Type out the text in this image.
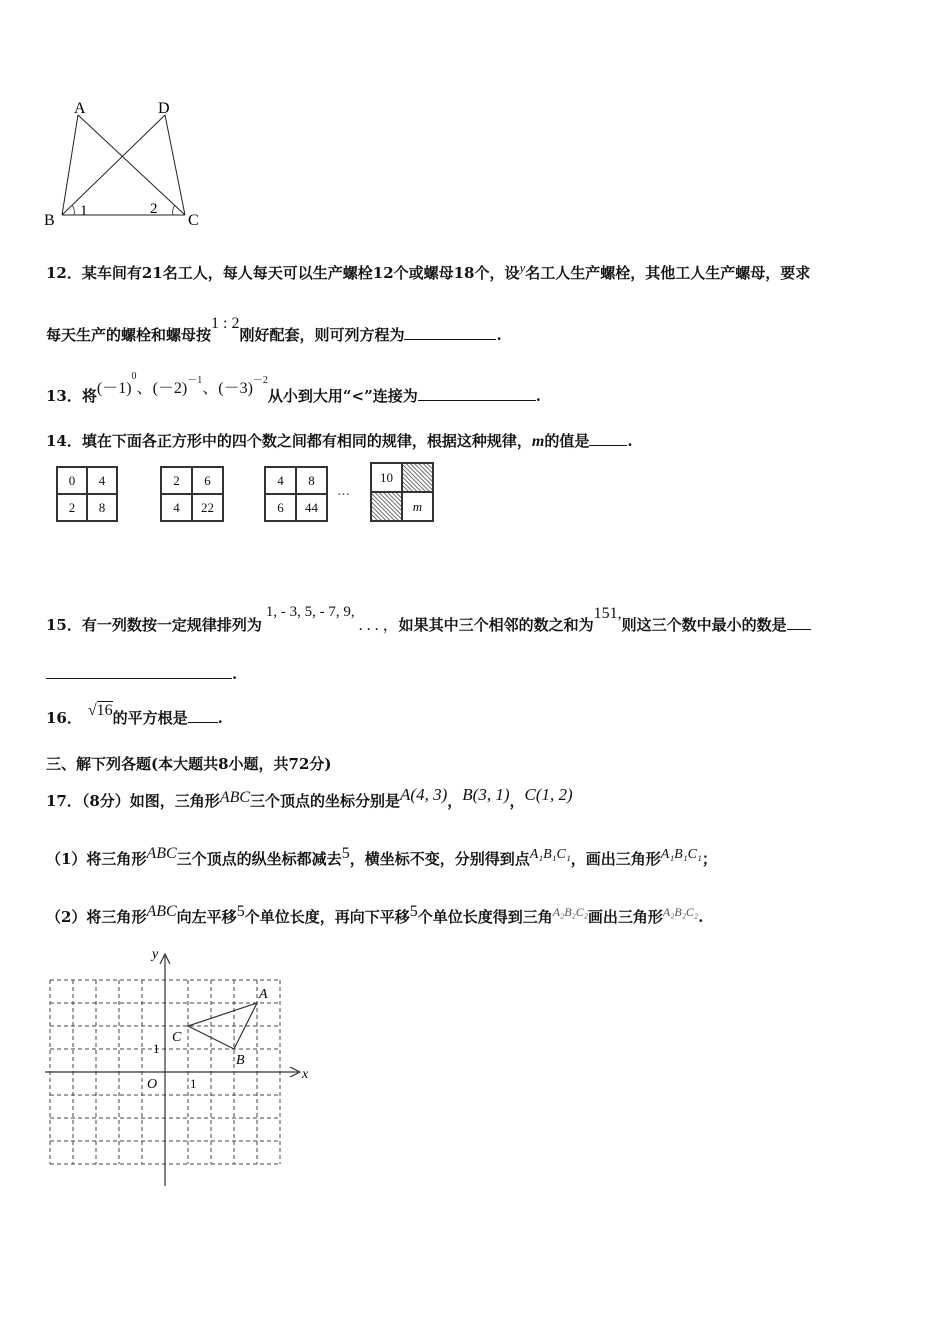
A	D
B	C
1	2
12．某车间有21名工人，每人每天可以生产螺栓12个或螺母18个，设y名工人生产螺栓，其他工人生产螺母，要求
每天生产的螺栓和螺母按1 : 2刚好配套，则可列方程为	.
13．将$(-1)^0$、$(-2)^{-1}$、$(-3)^{-2}$从小到大用“<”连接为	.
14．填在下面各正方形中的四个数之间都有相同的规律，根据这种规律，m的值是	.
0	4
2	8
2	6
4	22
4	8
6	44
…
10
m
15．有一列数按一定规律排列为1, - 3, 5, - 7, 9,. . . ，如果其中三个相邻的数之和为151,则这三个数中最小的数是
.
16． √16的平方根是 .
三、解下列各题(本大题共8小题，共72分)
17．（8分）如图，三角形ABC三个顶点的坐标分别是A(4, 3)，B(3, 1)，C(1, 2)
（1）将三角形ABC三个顶点的纵坐标都减去5，横坐标不变，分别得到点A₁B₁C₁，画出三角形A₁B₁C₁；
（2）将三角形ABC向左平移5个单位长度，再向下平移5个单位长度得到三角$^{A_2B_2C_2}$画出三角形$^{A_2B_2C_2}$.
x
y
O	1
1
A
B
C
